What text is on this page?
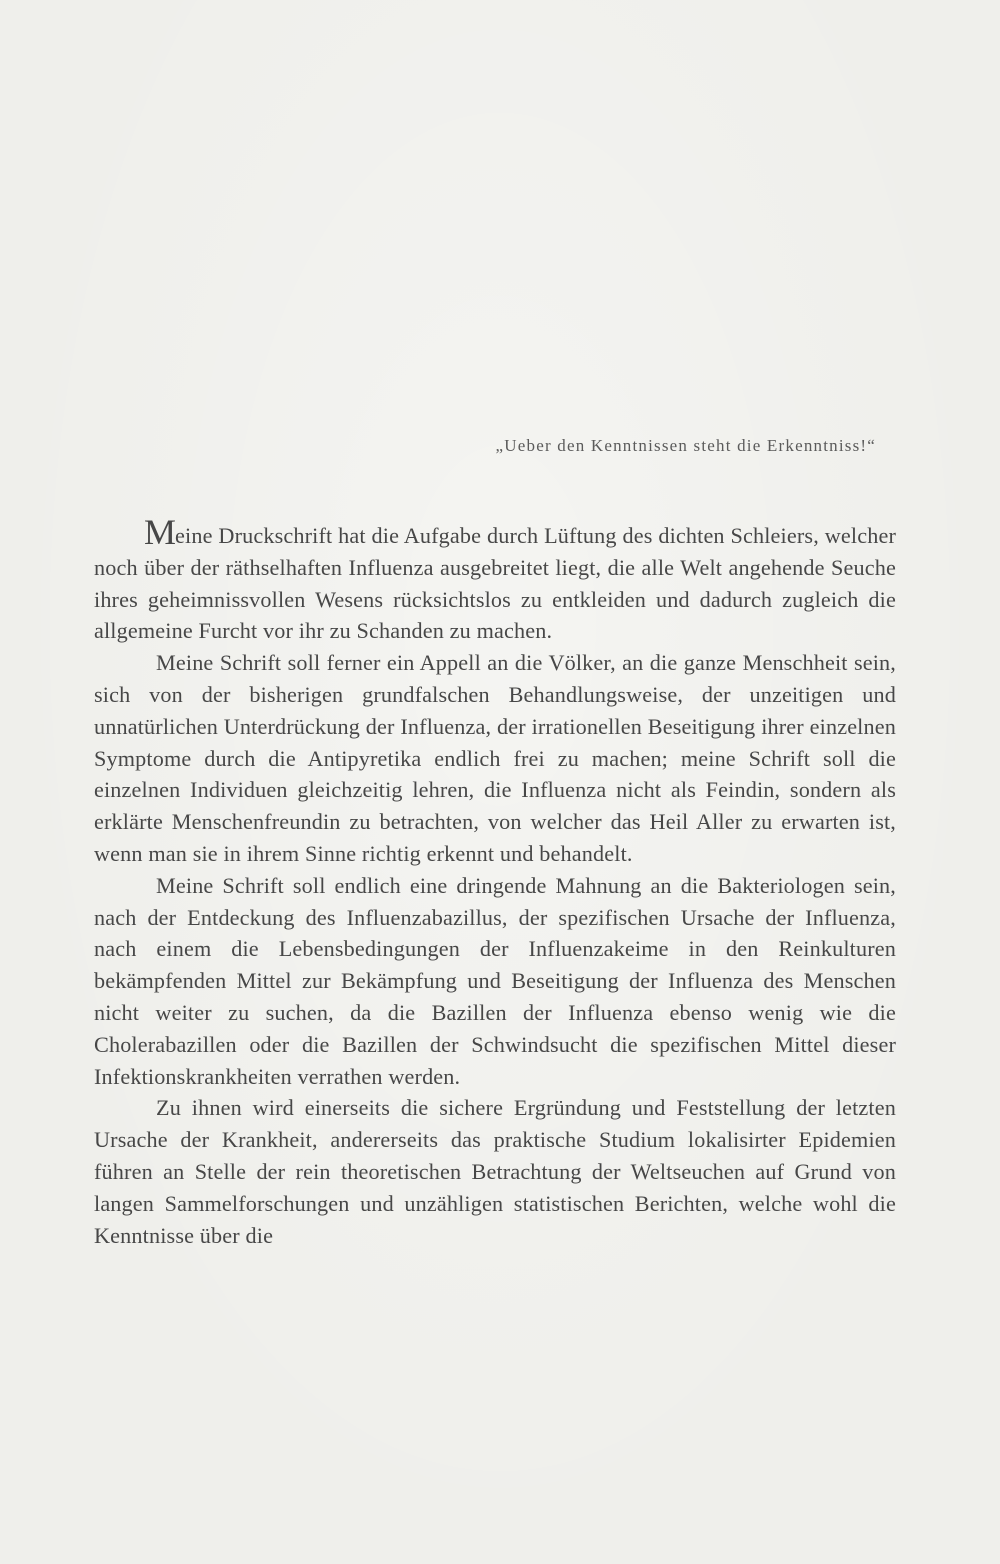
„Ueber den Kenntnissen steht die Erkenntniss!“

Meine Druckschrift hat die Aufgabe durch Lüftung des dichten Schleiers, welcher noch über der räthselhaften Influenza ausgebreitet liegt, die alle Welt angehende Seuche ihres geheimnissvollen Wesens rücksichtslos zu entkleiden und dadurch zugleich die allgemeine Furcht vor ihr zu Schanden zu machen.

Meine Schrift soll ferner ein Appell an die Völker, an die ganze Menschheit sein, sich von der bisherigen grundfalschen Behandlungsweise, der unzeitigen und unnatürlichen Unterdrückung der Influenza, der irrationellen Beseitigung ihrer einzelnen Symptome durch die Antipyretika endlich frei zu machen; meine Schrift soll die einzelnen Individuen gleichzeitig lehren, die Influenza nicht als Feindin, sondern als erklärte Menschenfreundin zu betrachten, von welcher das Heil Aller zu erwarten ist, wenn man sie in ihrem Sinne richtig erkennt und behandelt.

Meine Schrift soll endlich eine dringende Mahnung an die Bakteriologen sein, nach der Entdeckung des Influenzabazillus, der spezifischen Ursache der Influenza, nach einem die Lebensbedingungen der Influenzakeime in den Reinkulturen bekämpfenden Mittel zur Bekämpfung und Beseitigung der Influenza des Menschen nicht weiter zu suchen, da die Bazillen der Influenza ebenso wenig wie die Cholerabazillen oder die Bazillen der Schwindsucht die spezifischen Mittel dieser Infektionskrankheiten verrathen werden.

Zu ihnen wird einerseits die sichere Ergründung und Feststellung der letzten Ursache der Krankheit, andererseits das praktische Studium lokalisirter Epidemien führen an Stelle der rein theoretischen Betrachtung der Weltseuchen auf Grund von langen Sammelforschungen und unzähligen statistischen Berichten, welche wohl die Kenntnisse über die
